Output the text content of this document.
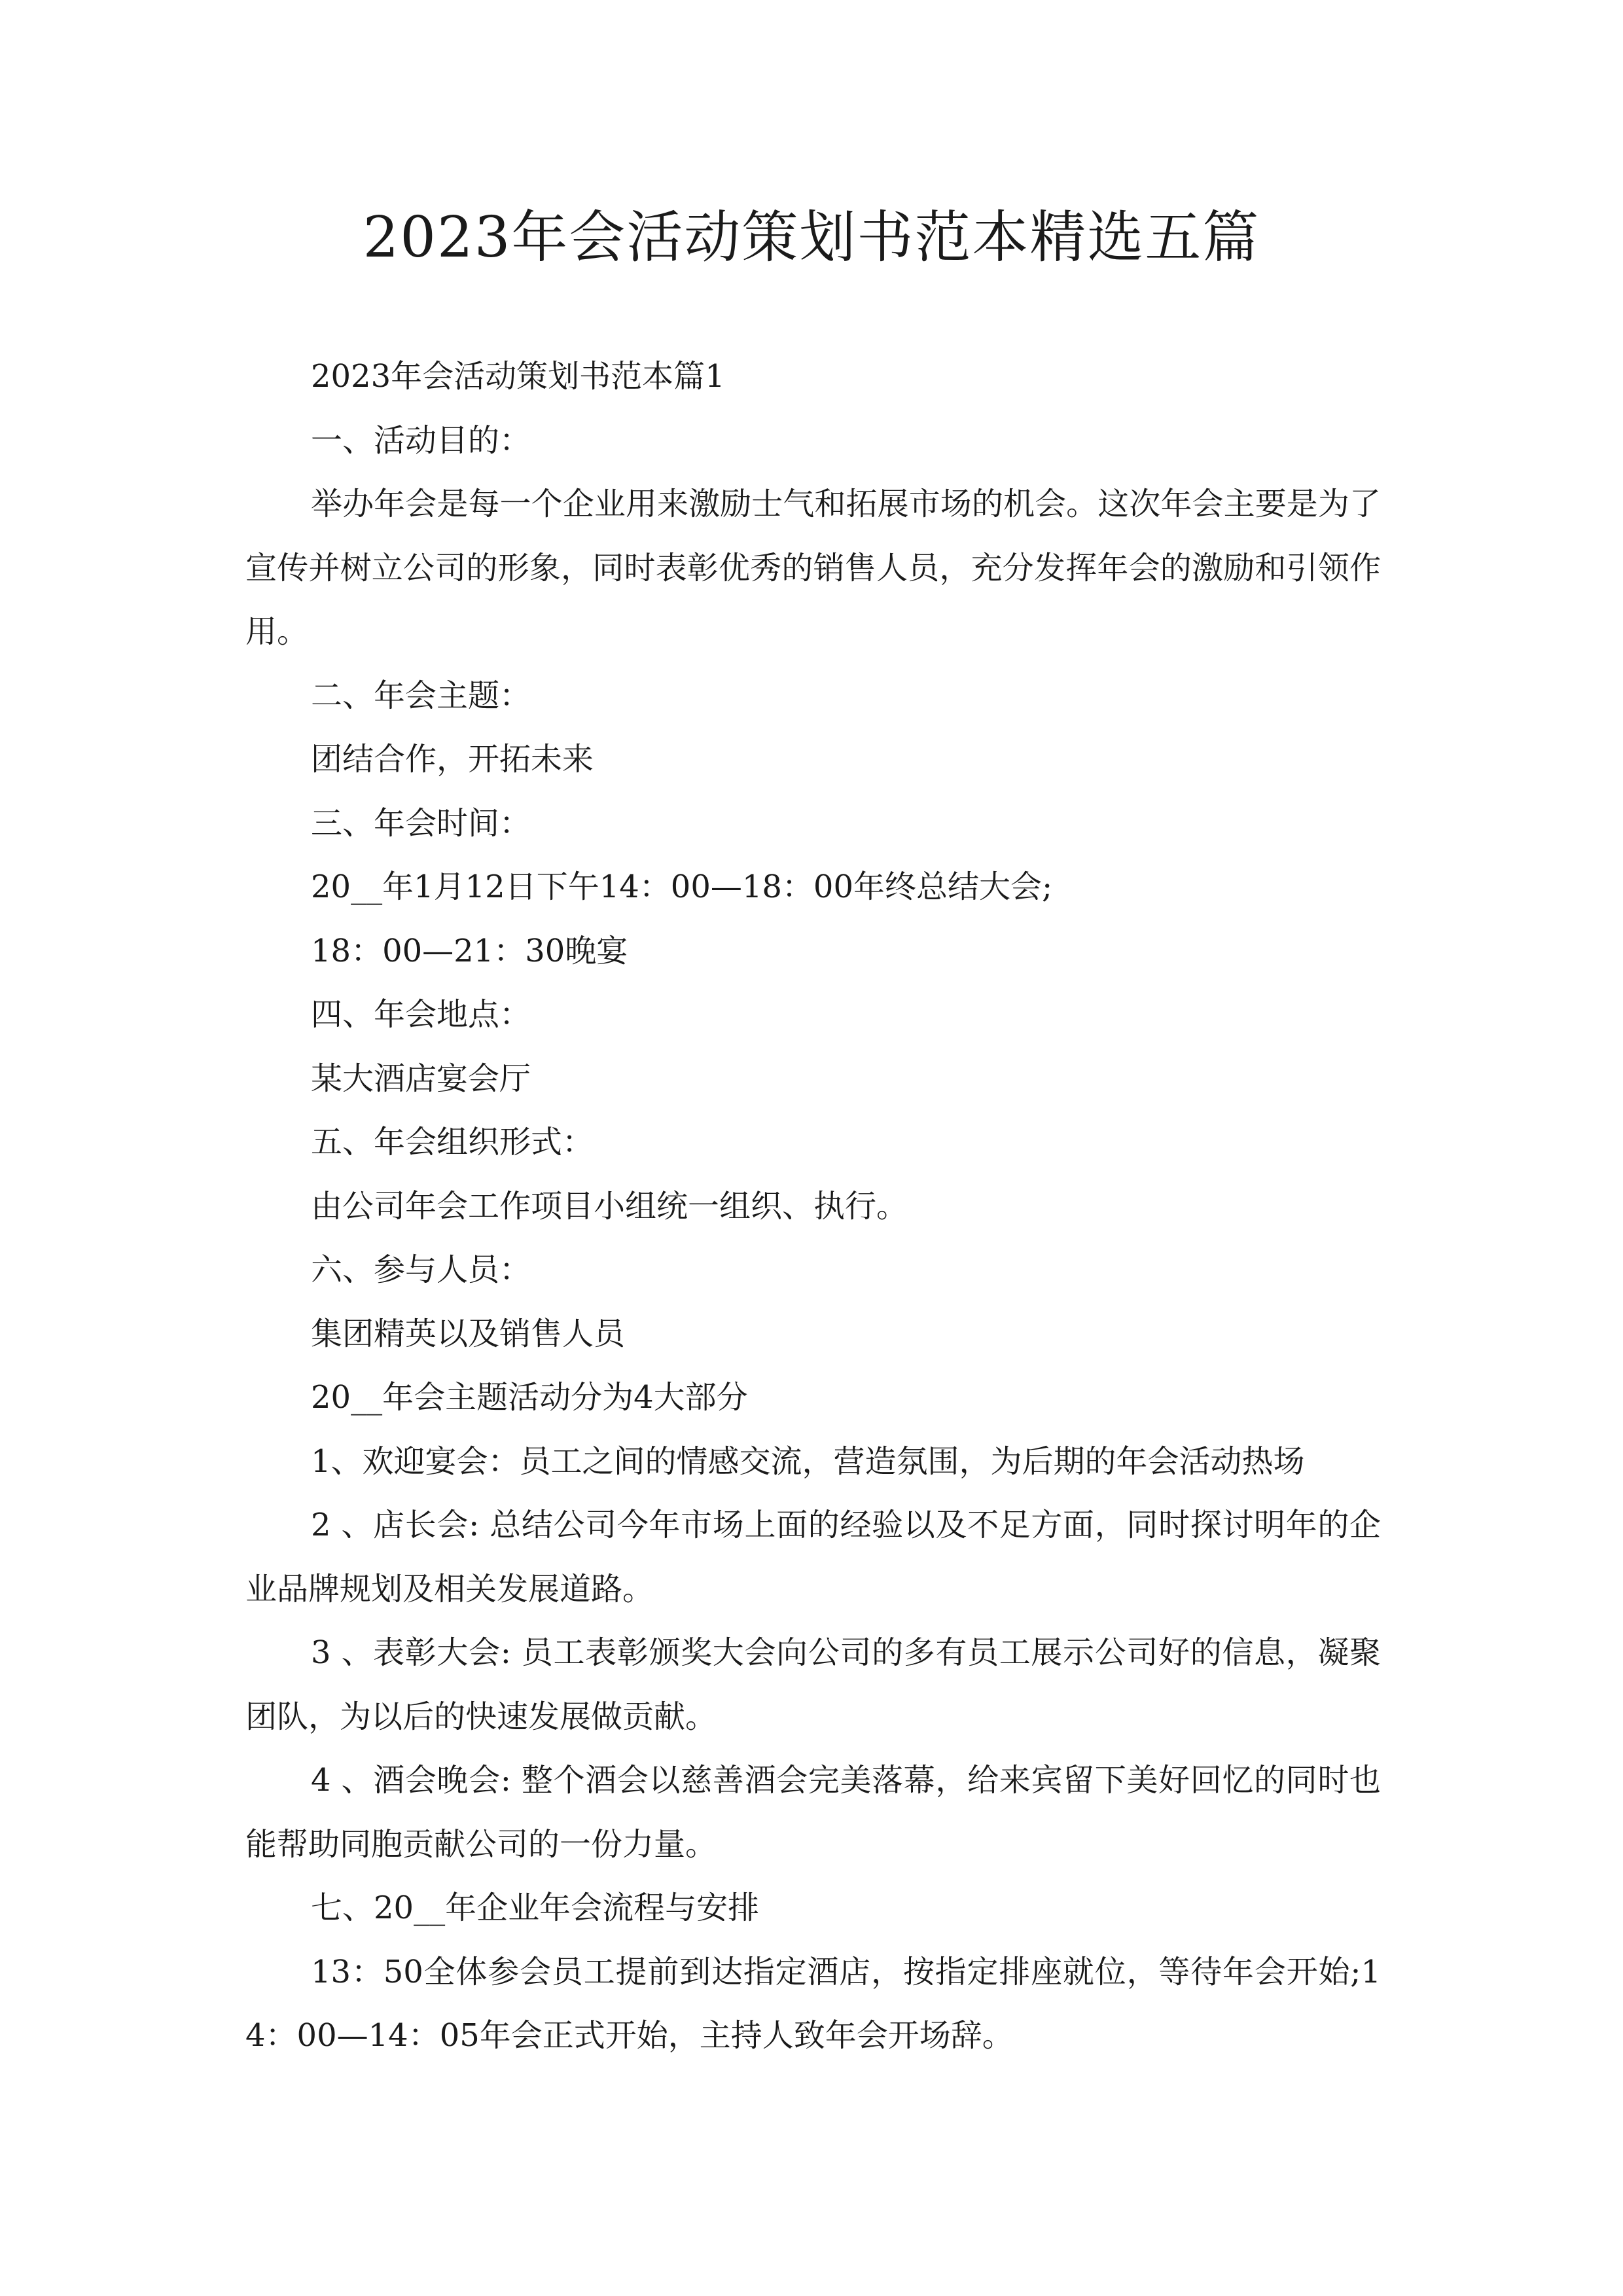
2023年会活动策划书范本精选五篇

2023年会活动策划书范本篇1

一、活动目的：

举办年会是每一个企业用来激励士气和拓展市场的机会。这次年会主要是为了宣传并树立公司的形象，同时表彰优秀的销售人员，充分发挥年会的激励和引领作用。

二、年会主题：

团结合作，开拓未来

三、年会时间：

20__年1月12日下午14：00—18：00年终总结大会;

18：00—21：30晚宴

四、年会地点：

某大酒店宴会厅

五、年会组织形式：

由公司年会工作项目小组统一组织、执行。

六、参与人员：

集团精英以及销售人员

20__年会主题活动分为4大部分

1、欢迎宴会：员工之间的情感交流，营造氛围，为后期的年会活动热场

2 、店长会: 总结公司今年市场上面的经验以及不足方面，同时探讨明年的企业品牌规划及相关发展道路。

3 、表彰大会: 员工表彰颁奖大会向公司的多有员工展示公司好的信息，凝聚团队，为以后的快速发展做贡献。

4 、酒会晚会: 整个酒会以慈善酒会完美落幕，给来宾留下美好回忆的同时也能帮助同胞贡献公司的一份力量。

七、20__年企业年会流程与安排

13：50全体参会员工提前到达指定酒店，按指定排座就位，等待年会开始;14：00—14：05年会正式开始，主持人致年会开场辞。
